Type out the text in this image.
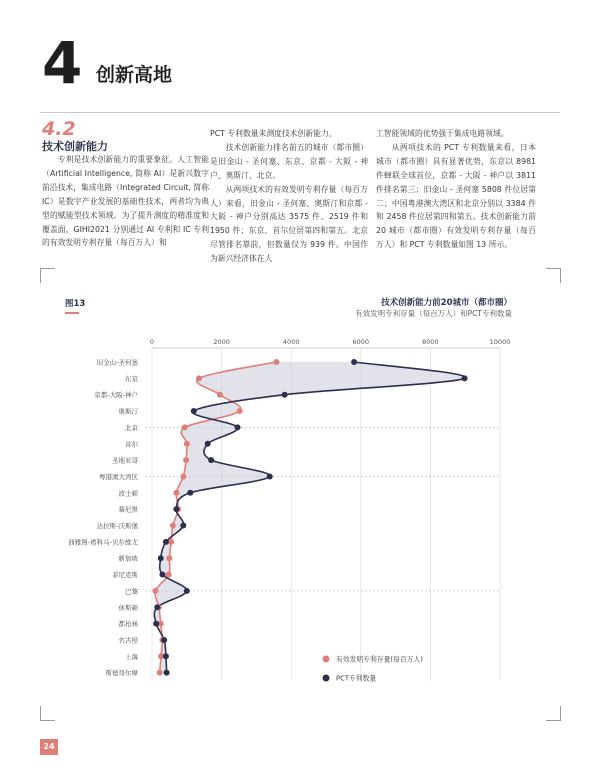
4 创新高地
4.2
技术创新能力

专利是技术创新能力的重要象征。人工智能（Artificial Intelligence, 简称 AI）是新兴数字前沿技术，集成电路（Integrated Circuit, 简称 IC）是数字产业发展的基础性技术，两者均为典型的赋能型技术领域。为了提升测度的精准度和覆盖面，GIHI2021 分别通过 AI 专利和 IC 专利的有效发明专利存量（每百万人）和

PCT 专利数量来测度技术创新能力。

技术创新能力排名前五的城市（都市圈）是旧金山 - 圣何塞、东京、京都 - 大阪 - 神户、奥斯汀、北京。

从两项技术的有效发明专利存量（每百万人）来看，旧金山 - 圣何塞、奥斯汀和京都 - 大阪 - 神户分别高达 3575 件、2519 件和 1950 件；东京、首尔位居第四和第五。北京尽管排名靠前，但数量仅为 939 件。中国作为新兴经济体在人

工智能领域的优势强于集成电路领域。

从两项技术的 PCT 专利数量来看，日本城市（都市圈）具有显著优势，东京以 8981 件蝉联全球首位，京都 - 大阪 - 神户以 3811 件排名第三；旧金山 - 圣何塞 5808 件位居第二；中国粤港澳大湾区和北京分别以 3384 件和 2458 件位居第四和第五。技术创新能力前 20 城市（都市圈）有效发明专利存量（每百万人）和 PCT 专利数量如图 13 所示。

图13	技术创新能力前20城市（都市圈）
有效发明专利存量（每百万人）和PCT专利数量
0	2000	4000	6000	8000	10000
旧金山-圣何塞
东京
京都-大阪-神户
奥斯汀
北京
首尔
圣地亚哥
粤港澳大湾区
波士顿
慕尼黑
达拉斯-沃斯堡
西雅图-塔科马-贝尔维尤
新加坡
菲尼克斯
巴黎
休斯顿
都柏林
名古屋
上海
斯德哥尔摩
有效发明专利存量(每百万人)
PCT专利数量
24
